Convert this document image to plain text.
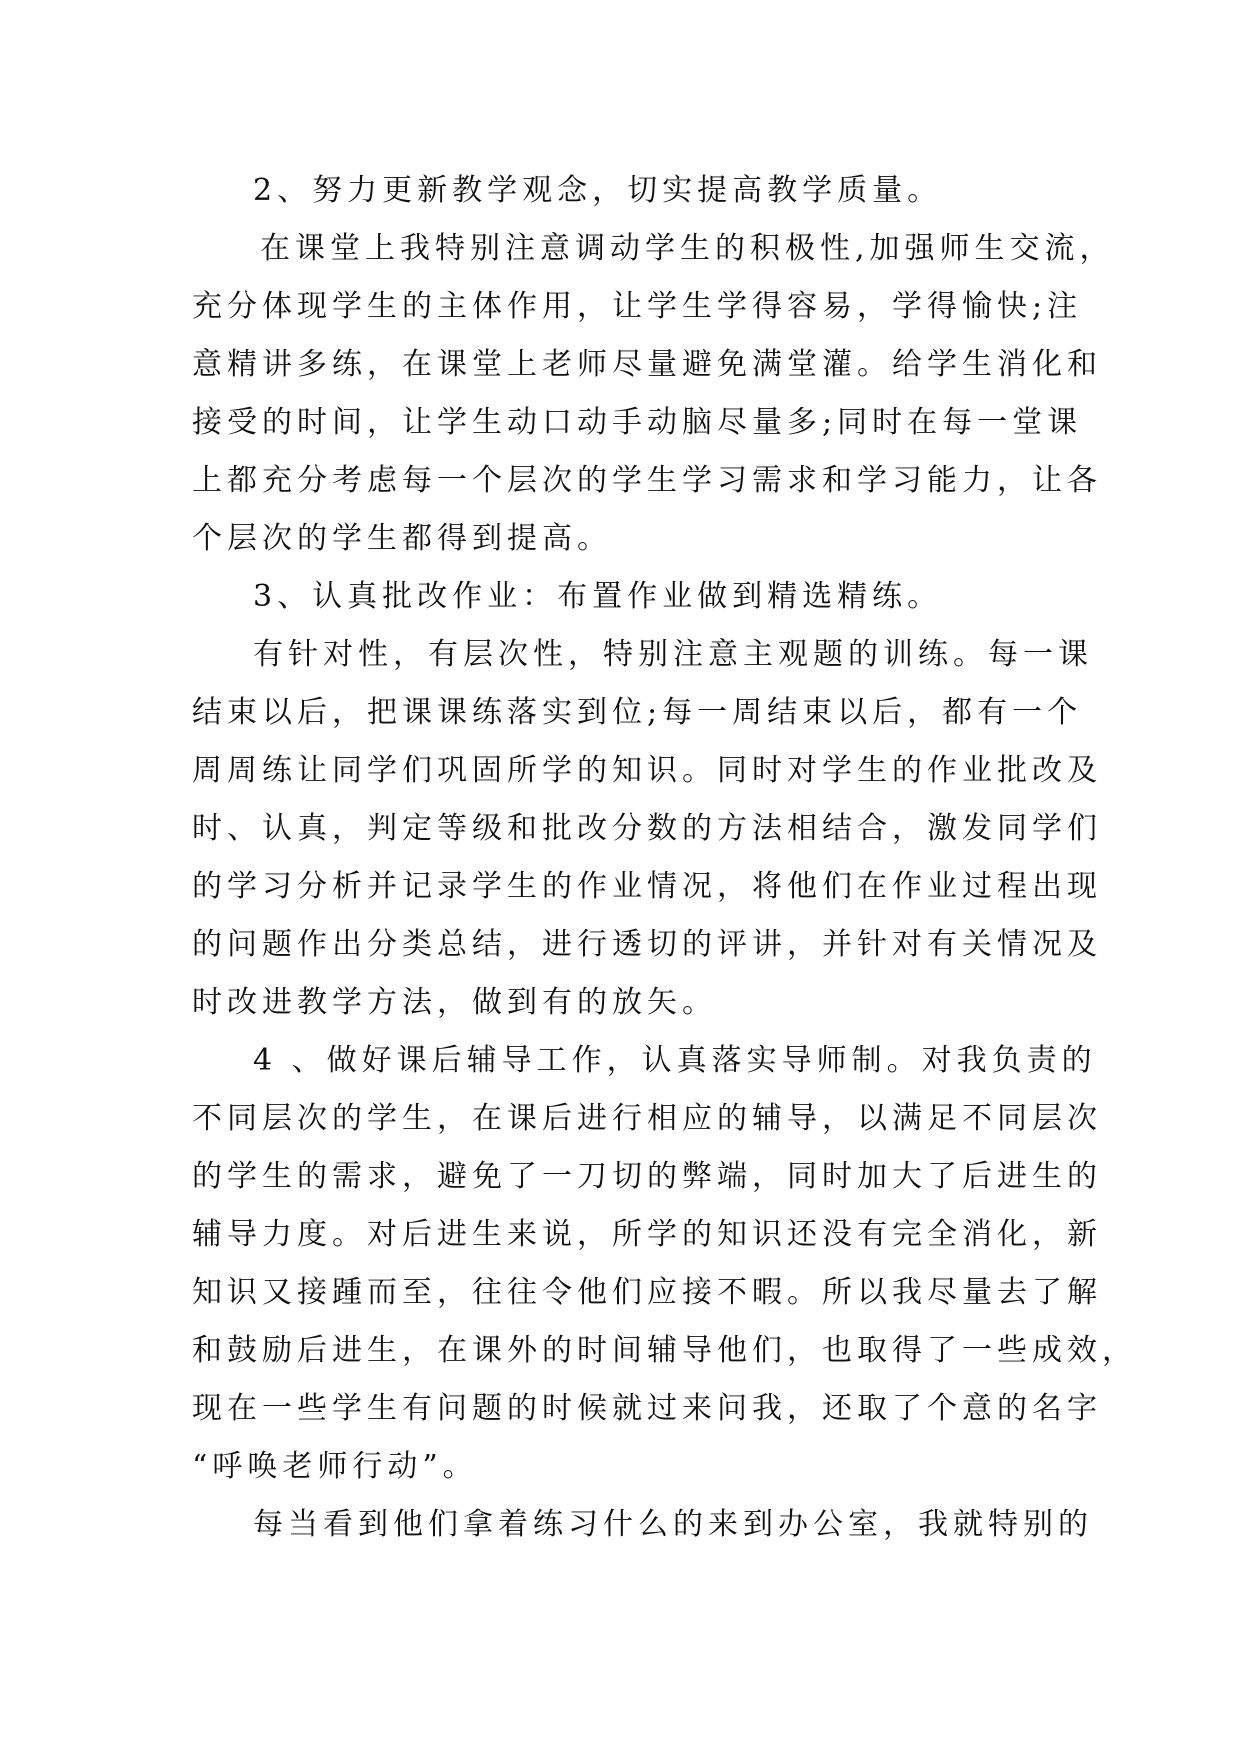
2、努力更新教学观念，切实提高教学质量。
在课堂上我特别注意调动学生的积极性,加强师生交流，
充分体现学生的主体作用，让学生学得容易，学得愉快;注
意精讲多练，在课堂上老师尽量避免满堂灌。给学生消化和
接受的时间，让学生动口动手动脑尽量多;同时在每一堂课
上都充分考虑每一个层次的学生学习需求和学习能力，让各
个层次的学生都得到提高。
3、认真批改作业：布置作业做到精选精练。
有针对性，有层次性，特别注意主观题的训练。每一课
结束以后，把课课练落实到位;每一周结束以后，都有一个
周周练让同学们巩固所学的知识。同时对学生的作业批改及
时、认真，判定等级和批改分数的方法相结合，激发同学们
的学习分析并记录学生的作业情况，将他们在作业过程出现
的问题作出分类总结，进行透切的评讲，并针对有关情况及
时改进教学方法，做到有的放矢。
4 、做好课后辅导工作，认真落实导师制。对我负责的
不同层次的学生，在课后进行相应的辅导，以满足不同层次
的学生的需求，避免了一刀切的弊端，同时加大了后进生的
辅导力度。对后进生来说，所学的知识还没有完全消化，新
知识又接踵而至，往往令他们应接不暇。所以我尽量去了解
和鼓励后进生，在课外的时间辅导他们，也取得了一些成效，
现在一些学生有问题的时候就过来问我，还取了个意的名字
“呼唤老师行动”。
每当看到他们拿着练习什么的来到办公室，我就特别的
